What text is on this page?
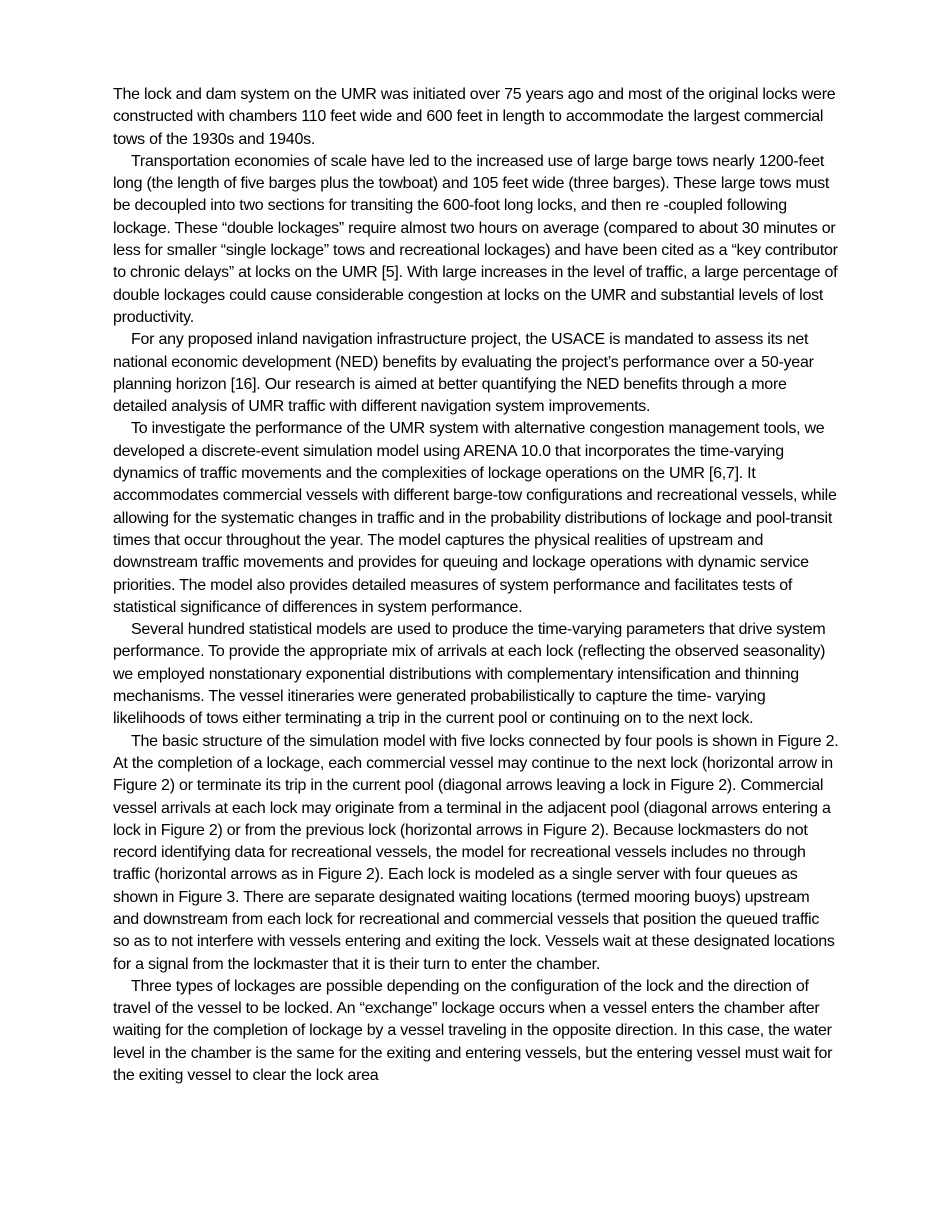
The lock and dam system on the UMR was initiated over 75 years ago and most of the original locks were constructed with chambers 110 feet wide and 600 feet in length to accommodate the largest commercial tows of the 1930s and 1940s.

Transportation economies of scale have led to the increased use of large barge tows nearly 1200-feet long (the length of five barges plus the towboat) and 105 feet wide (three barges). These large tows must be decoupled into two sections for transiting the 600-foot long locks, and then re -coupled following lockage. These “double lockages” require almost two hours on average (compared to about 30 minutes or less for smaller “single lockage” tows and recreational lockages) and have been cited as a “key contributor to chronic delays” at locks on the UMR [5]. With large increases in the level of traffic, a large percentage of double lockages could cause considerable congestion at locks on the UMR and substantial levels of lost productivity.

For any proposed inland navigation infrastructure project, the USACE is mandated to assess its net national economic development (NED) benefits by evaluating the project’s performance over a 50-year planning horizon [16]. Our research is aimed at better quantifying the NED benefits through a more detailed analysis of UMR traffic with different navigation system improvements.

To investigate the performance of the UMR system with alternative congestion management tools, we developed a discrete-event simulation model using ARENA 10.0 that incorporates the time-varying dynamics of traffic movements and the complexities of lockage operations on the UMR [6,7]. It accommodates commercial vessels with different barge-tow configurations and recreational vessels, while allowing for the systematic changes in traffic and in the probability distributions of lockage and pool-transit times that occur throughout the year. The model captures the physical realities of upstream and downstream traffic movements and provides for queuing and lockage operations with dynamic service priorities. The model also provides detailed measures of system performance and facilitates tests of statistical significance of differences in system performance.

Several hundred statistical models are used to produce the time-varying parameters that drive system performance. To provide the appropriate mix of arrivals at each lock (reflecting the observed seasonality) we employed nonstationary exponential distributions with complementary intensification and thinning mechanisms. The vessel itineraries were generated probabilistically to capture the time- varying likelihoods of tows either terminating a trip in the current pool or continuing on to the next lock.

The basic structure of the simulation model with five locks connected by four pools is shown in Figure 2. At the completion of a lockage, each commercial vessel may continue to the next lock (horizontal arrow in Figure 2) or terminate its trip in the current pool (diagonal arrows leaving a lock in Figure 2). Commercial vessel arrivals at each lock may originate from a terminal in the adjacent pool (diagonal arrows entering a lock in Figure 2) or from the previous lock (horizontal arrows in Figure 2). Because lockmasters do not record identifying data for recreational vessels, the model for recreational vessels includes no through traffic (horizontal arrows as in Figure 2). Each lock is modeled as a single server with four queues as shown in Figure 3. There are separate designated waiting locations (termed mooring buoys) upstream and downstream from each lock for recreational and commercial vessels that position the queued traffic so as to not interfere with vessels entering and exiting the lock. Vessels wait at these designated locations for a signal from the lockmaster that it is their turn to enter the chamber.

Three types of lockages are possible depending on the configuration of the lock and the direction of travel of the vessel to be locked. An “exchange” lockage occurs when a vessel enters the chamber after waiting for the completion of lockage by a vessel traveling in the opposite direction. In this case, the water level in the chamber is the same for the exiting and entering vessels, but the entering vessel must wait for the exiting vessel to clear the lock area
